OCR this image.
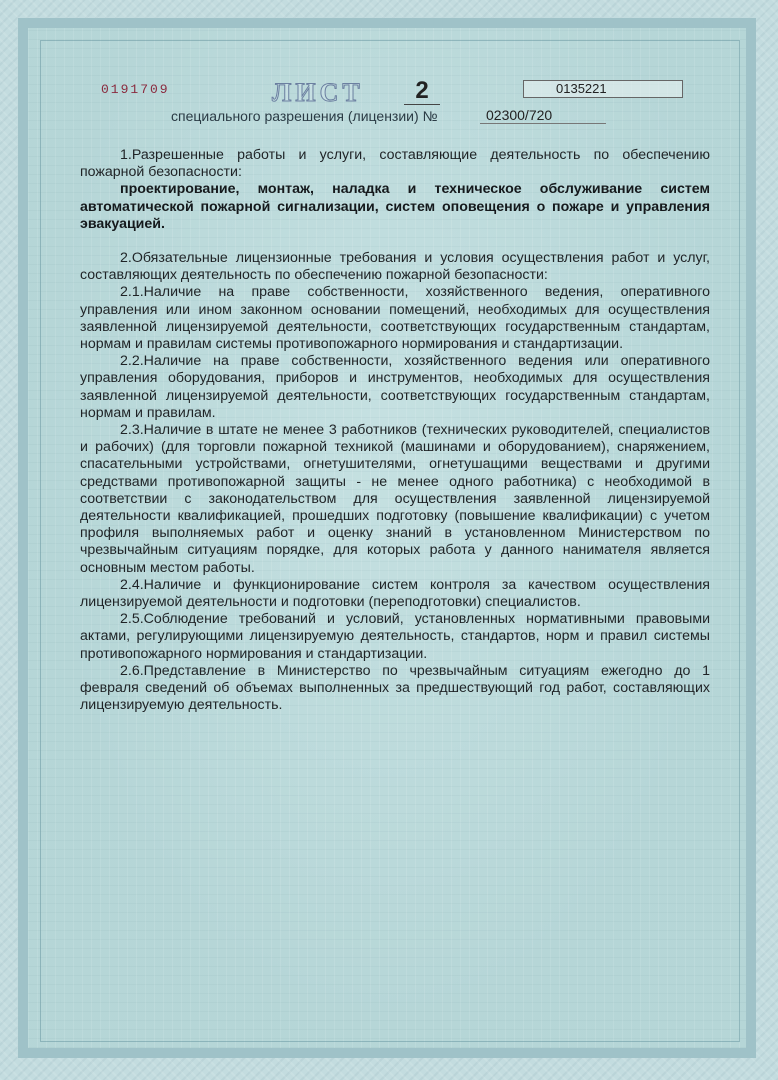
0191709	ЛИСТ	2	0135221
специального разрешения (лицензии) №	02300/720

1.Разрешенные работы и услуги, составляющие деятельность по обеспечению пожарной безопасности:

проектирование, монтаж, наладка и техническое обслуживание систем автоматической пожарной сигнализации, систем оповещения о пожаре и управления эвакуацией.

2.Обязательные лицензионные требования и условия осуществления работ и услуг, составляющих деятельность по обеспечению пожарной безопасности:

2.1.Наличие на праве собственности, хозяйственного ведения, оперативного управления или ином законном основании помещений, необходимых для осуществления заявленной лицензируемой деятельности, соответствующих государственным стандартам, нормам и правилам системы противопожарного нормирования и стандартизации.

2.2.Наличие на праве собственности, хозяйственного ведения или оперативного управления оборудования, приборов и инструментов, необходимых для осуществления заявленной лицензируемой деятельности, соответствующих государственным стандартам, нормам и правилам.

2.3.Наличие в штате не менее 3 работников (технических руководителей, специалистов и рабочих) (для торговли пожарной техникой (машинами и оборудованием), снаряжением, спасательными устройствами, огнетушителями, огнетушащими веществами и другими средствами противопожарной защиты - не менее одного работника) с необходимой в соответствии с законодательством для осуществления заявленной лицензируемой деятельности квалификацией, прошедших подготовку (повышение квалификации) с учетом профиля выполняемых работ и оценку знаний в установленном Министерством по чрезвычайным ситуациям порядке, для которых работа у данного нанимателя является основным местом работы.

2.4.Наличие и функционирование систем контроля за качеством осуществления лицензируемой деятельности и подготовки (переподготовки) специалистов.

2.5.Соблюдение требований и условий, установленных нормативными правовыми актами, регулирующими лицензируемую деятельность, стандартов, норм и правил системы противопожарного нормирования и стандартизации.

2.6.Представление в Министерство по чрезвычайным ситуациям ежегодно до 1 февраля сведений об объемах выполненных за предшествующий год работ, составляющих лицензируемую деятельность.
